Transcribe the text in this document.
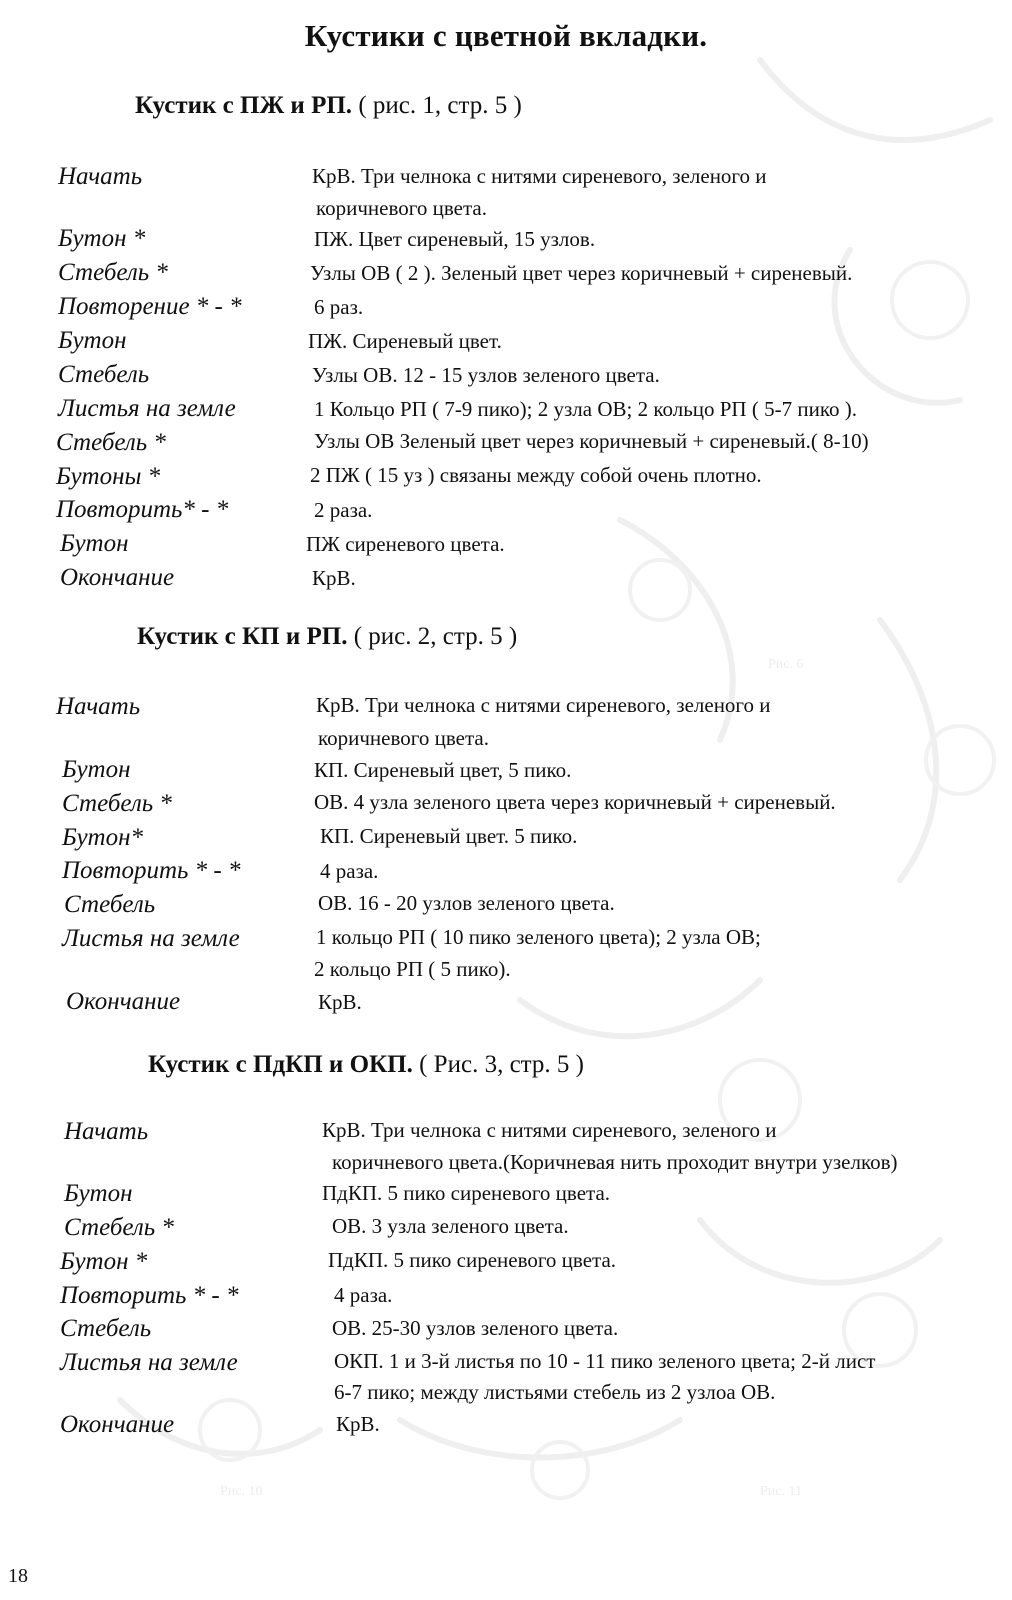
Рис. 10	Рис. 11
Рис. 6
Кустики с цветной вкладки.
Кустик с ПЖ и РП. ( рис. 1, стр. 5 )
Начать	КрВ. Три челнока с нитями сиреневого, зеленого и
коричневого цвета.
Бутон *	ПЖ. Цвет сиреневый, 15 узлов.
Стебель *	Узлы ОВ ( 2 ). Зеленый цвет через коричневый + сиреневый.
Повторение * - *	6 раз.
Бутон	ПЖ. Сиреневый цвет.
Стебель	Узлы ОВ. 12 - 15 узлов зеленого цвета.
Листья на земле	1 Кольцо РП ( 7-9 пико); 2 узла ОВ; 2 кольцо РП ( 5-7 пико ).
Стебель *	Узлы ОВ Зеленый цвет через коричневый + сиреневый.( 8-10)
Бутоны *	2 ПЖ ( 15 уз ) связаны между собой очень плотно.
Повторить* - *	2 раза.
Бутон	ПЖ сиреневого цвета.
Окончание	КрВ.
Кустик с КП и РП. ( рис. 2, стр. 5 )
Начать	КрВ. Три челнока с нитями сиреневого, зеленого и
коричневого цвета.
Бутон	КП. Сиреневый цвет, 5 пико.
Стебель *	ОВ. 4 узла зеленого цвета через коричневый + сиреневый.
Бутон*	КП. Сиреневый цвет. 5 пико.
Повторить * - *	4 раза.
Стебель	ОВ. 16 - 20 узлов зеленого цвета.
Листья на земле	1 кольцо РП ( 10 пико зеленого цвета); 2 узла ОВ;
2 кольцо РП ( 5 пико).
Окончание	КрВ.
Кустик с ПдКП и ОКП. ( Рис. 3, стр. 5 )
Начать	КрВ. Три челнока с нитями сиреневого, зеленого и
коричневого цвета.(Коричневая нить проходит внутри узелков)
Бутон	ПдКП. 5 пико сиреневого цвета.
Стебель *	ОВ. 3 узла зеленого цвета.
Бутон *	ПдКП. 5 пико сиреневого цвета.
Повторить * - *	4 раза.
Стебель	ОВ. 25-30 узлов зеленого цвета.
Листья на земле	ОКП. 1 и 3-й листья по 10 - 11 пико зеленого цвета; 2-й лист
6-7 пико; между листьями стебель из 2 узлоа ОВ.
Окончание	КрВ.
18
